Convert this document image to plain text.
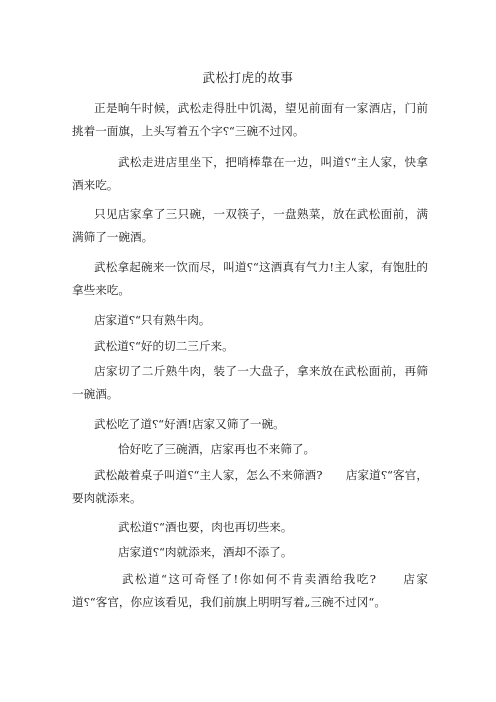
武松打虎的故事
正是晌午时候，武松走得肚中饥渴，望见前面有一家酒店，门前挑着一面旗，上头写着五个字⸮“三碗不过冈。
武松走进店里坐下，把哨棒靠在一边，叫道⸮“主人家，快拿酒来吃。
只见店家拿了三只碗，一双筷子，一盘熟菜，放在武松面前，满满筛了一碗酒。
武松拿起碗来一饮而尽，叫道⸮“这酒真有气力!主人家，有饱肚的拿些来吃。
店家道⸮“只有熟牛肉。
武松道⸮“好的切二三斤来。
店家切了二斤熟牛肉，装了一大盘子，拿来放在武松面前，再筛一碗酒。
武松吃了道⸮“好酒!店家又筛了一碗。
恰好吃了三碗酒，店家再也不来筛了。
武松敲着桌子叫道⸮“主人家，怎么不来筛酒?　　店家道⸮“客官，要肉就添来。
武松道⸮“酒也要，肉也再切些来。
店家道⸮“肉就添来，酒却不添了。
武松道“这可奇怪了!你如何不肯卖酒给我吃?　　店家道⸮“客官，你应该看见，我们前旗上明明写着„三碗不过冈“。
